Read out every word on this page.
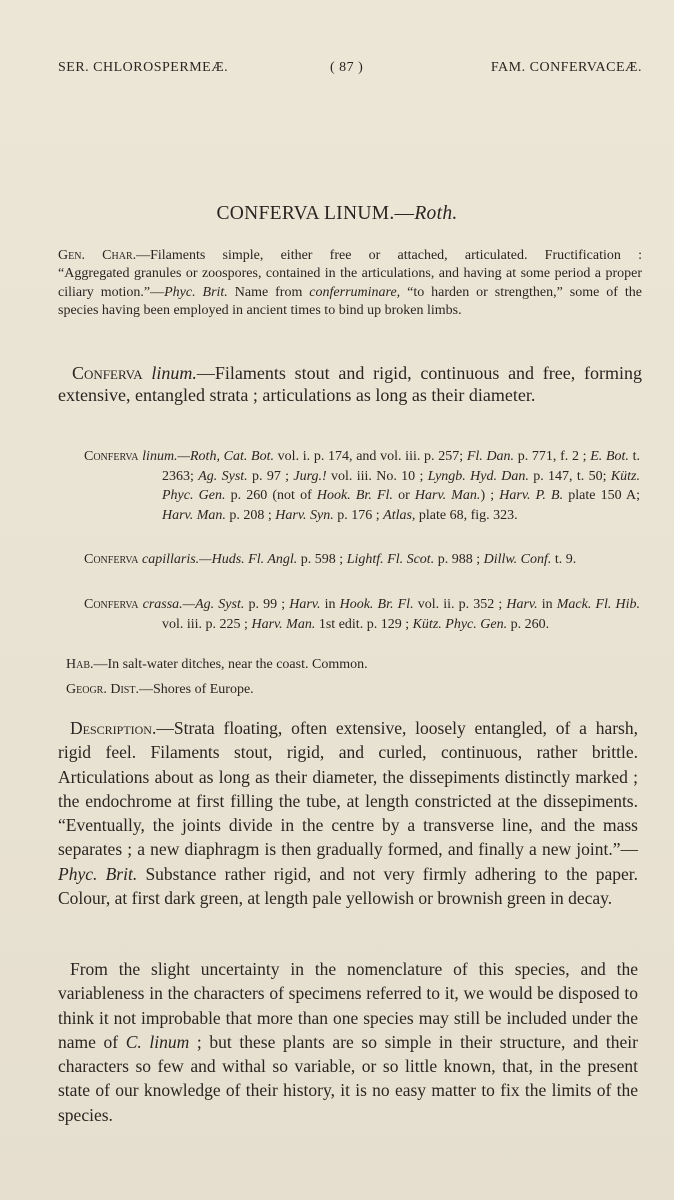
SER. CHLOROSPERMEÆ.	( 87 )	FAM. CONFERVACEÆ.
CONFERVA LINUM.—Roth.
Gen. Char.—Filaments simple, either free or attached, articulated. Fructification :
“Aggregated granules or zoospores, contained in the articulations, and having at some period a proper ciliary motion.”—Phyc. Brit. Name from conferruminare, “to harden or strengthen,” some of the species having been employed in ancient times to bind up broken limbs.
Conferva linum.—Filaments stout and rigid, continuous and free, forming extensive, entangled strata ; articulations as long as their diameter.
Conferva linum.—Roth, Cat. Bot. vol. i. p. 174, and vol. iii. p. 257; Fl. Dan. p. 771, f. 2 ; E. Bot. t. 2363; Ag. Syst. p. 97 ; Jurg.! vol. iii. No. 10 ; Lyngb. Hyd. Dan. p. 147, t. 50; Kütz. Phyc. Gen. p. 260 (not of Hook. Br. Fl. or Harv. Man.) ; Harv. P. B. plate 150 A; Harv. Man. p. 208 ; Harv. Syn. p. 176 ; Atlas, plate 68, fig. 323.
Conferva capillaris.—Huds. Fl. Angl. p. 598 ; Lightf. Fl. Scot. p. 988 ; Dillw. Conf. t. 9.
Conferva crassa.—Ag. Syst. p. 99 ; Harv. in Hook. Br. Fl. vol. ii. p. 352 ; Harv. in Mack. Fl. Hib. vol. iii. p. 225 ; Harv. Man. 1st edit. p. 129 ; Kütz. Phyc. Gen. p. 260.
Hab.—In salt-water ditches, near the coast. Common.
Geogr. Dist.—Shores of Europe.
Description.—Strata floating, often extensive, loosely entangled, of a harsh, rigid feel. Filaments stout, rigid, and curled, continuous, rather brittle. Articulations about as long as their diameter, the dissepiments distinctly marked ; the endochrome at first filling the tube, at length constricted at the dissepiments. “Eventually, the joints divide in the centre by a transverse line, and the mass separates ; a new diaphragm is then gradually formed, and finally a new joint.”—Phyc. Brit. Substance rather rigid, and not very firmly adhering to the paper. Colour, at first dark green, at length pale yellowish or brownish green in decay.
From the slight uncertainty in the nomenclature of this species, and the variableness in the characters of specimens referred to it, we would be disposed to think it not improbable that more than one species may still be included under the name of C. linum ; but these plants are so simple in their structure, and their characters so few and withal so variable, or so little known, that, in the present state of our knowledge of their history, it is no easy matter to fix the limits of the species.
